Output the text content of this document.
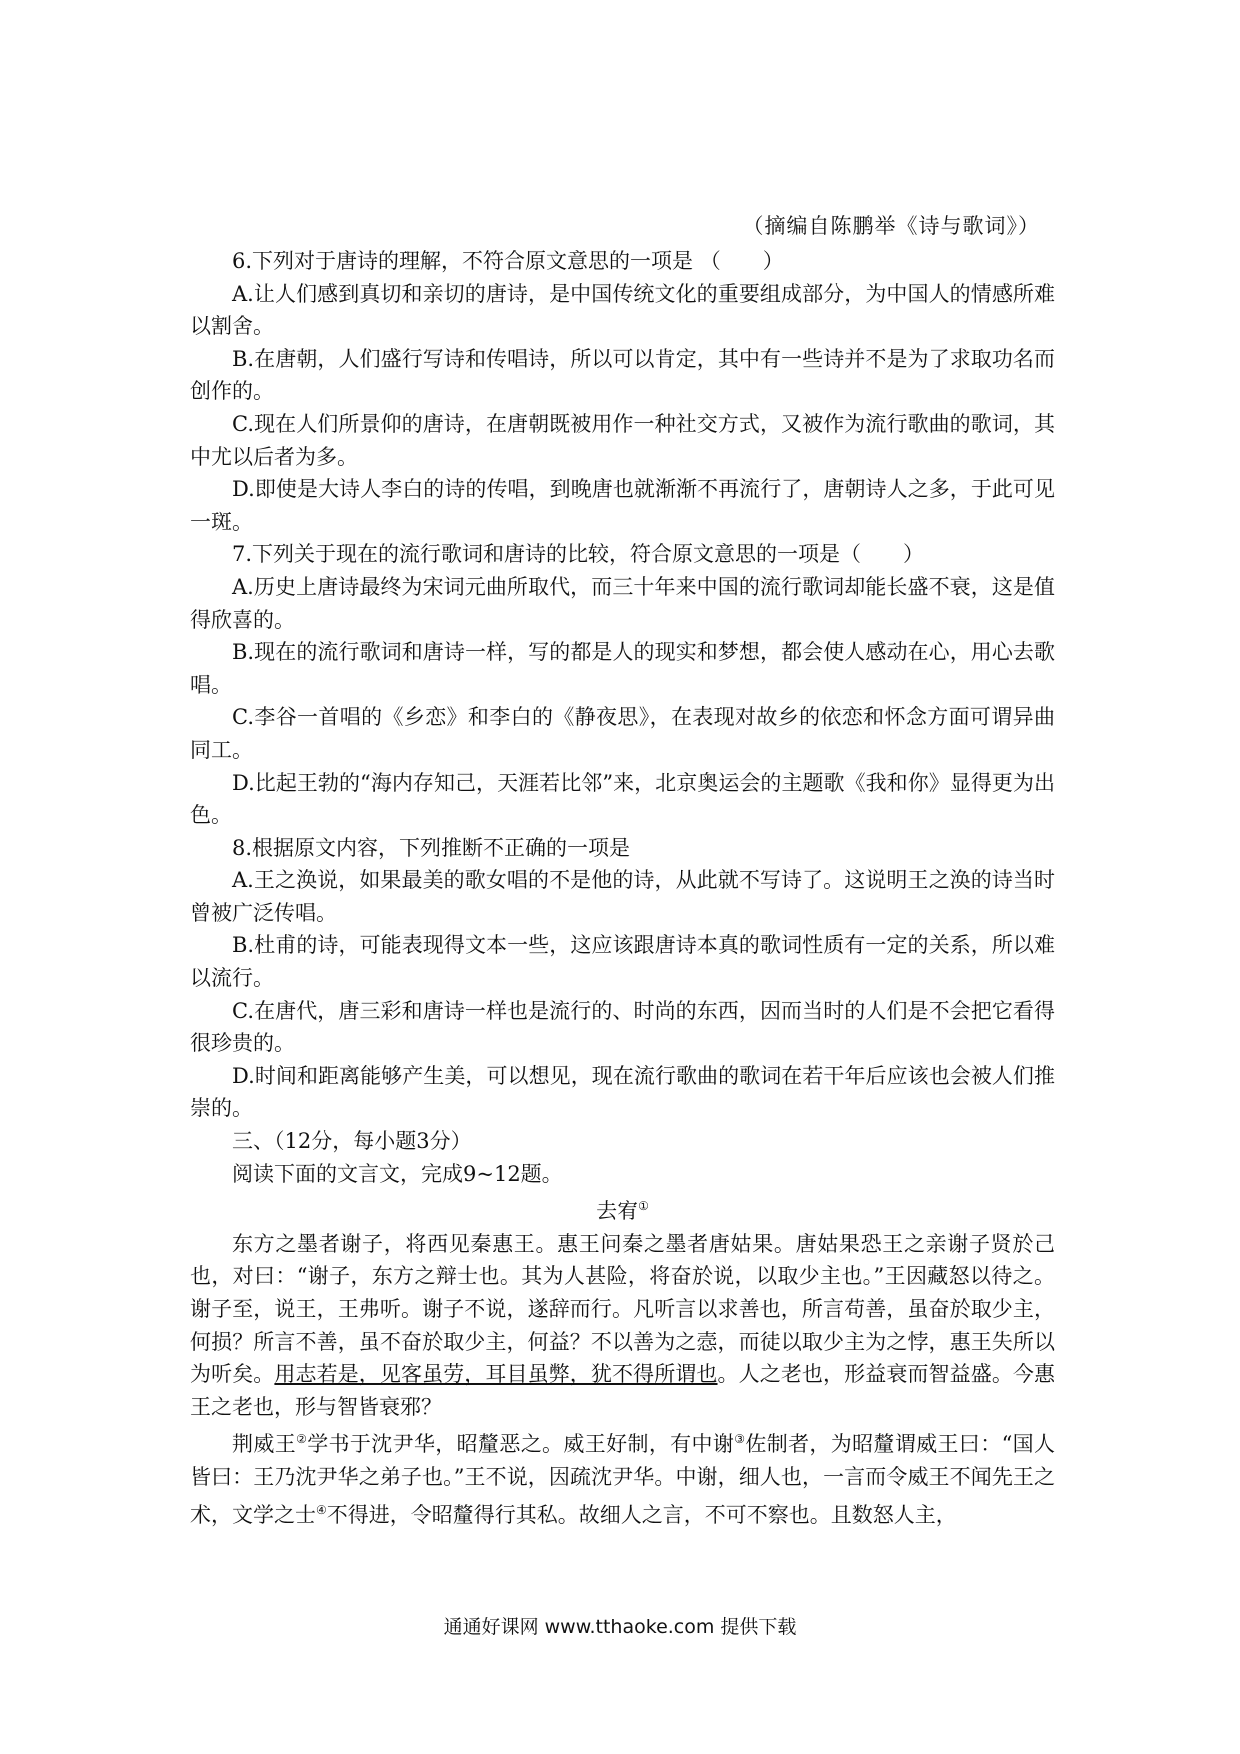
（摘编自陈鹏举《诗与歌词》）

6.下列对于唐诗的理解，不符合原文意思的一项是 （　　）

A.让人们感到真切和亲切的唐诗，是中国传统文化的重要组成部分，为中国人的情感所难以割舍。

B.在唐朝，人们盛行写诗和传唱诗，所以可以肯定，其中有一些诗并不是为了求取功名而创作的。

C.现在人们所景仰的唐诗，在唐朝既被用作一种社交方式，又被作为流行歌曲的歌词，其中尤以后者为多。

D.即使是大诗人李白的诗的传唱，到晚唐也就渐渐不再流行了，唐朝诗人之多，于此可见一斑。

7.下列关于现在的流行歌词和唐诗的比较，符合原文意思的一项是（　　）

A.历史上唐诗最终为宋词元曲所取代，而三十年来中国的流行歌词却能长盛不衰，这是值得欣喜的。

B.现在的流行歌词和唐诗一样，写的都是人的现实和梦想，都会使人感动在心，用心去歌唱。

C.李谷一首唱的《乡恋》和李白的《静夜思》，在表现对故乡的依恋和怀念方面可谓异曲同工。

D.比起王勃的“海内存知己，天涯若比邻”来，北京奥运会的主题歌《我和你》显得更为出色。

8.根据原文内容，下列推断不正确的一项是

A.王之涣说，如果最美的歌女唱的不是他的诗，从此就不写诗了。这说明王之涣的诗当时曾被广泛传唱。

B.杜甫的诗，可能表现得文本一些，这应该跟唐诗本真的歌词性质有一定的关系，所以难以流行。

C.在唐代，唐三彩和唐诗一样也是流行的、时尚的东西，因而当时的人们是不会把它看得很珍贵的。

D.时间和距离能够产生美，可以想见，现在流行歌曲的歌词在若干年后应该也会被人们推崇的。

三、（12分，每小题3分）

阅读下面的文言文，完成9~12题。

去宥①

东方之墨者谢子，将西见秦惠王。惠王问秦之墨者唐姑果。唐姑果恐王之亲谢子贤於己也，对曰：“谢子，东方之辩士也。其为人甚险，将奋於说，以取少主也。”王因藏怒以待之。谢子至，说王，王弗听。谢子不说，遂辞而行。凡听言以求善也，所言苟善，虽奋於取少主，何损？所言不善，虽不奋於取少主，何益？不以善为之悫，而徒以取少主为之悖，惠王失所以为听矣。用志若是，见客虽劳，耳目虽弊，犹不得所谓也。人之老也，形益衰而智益盛。今惠王之老也，形与智皆衰邪？

荆威王②学书于沈尹华，昭釐恶之。威王好制，有中谢③佐制者，为昭釐谓威王曰：“国人皆曰：王乃沈尹华之弟子也。”王不说，因疏沈尹华。中谢，细人也，一言而令威王不闻先王之术，文学之士④不得进，令昭釐得行其私。故细人之言，不可不察也。且数怒人主，

通通好课网 www.tthaoke.com 提供下载
